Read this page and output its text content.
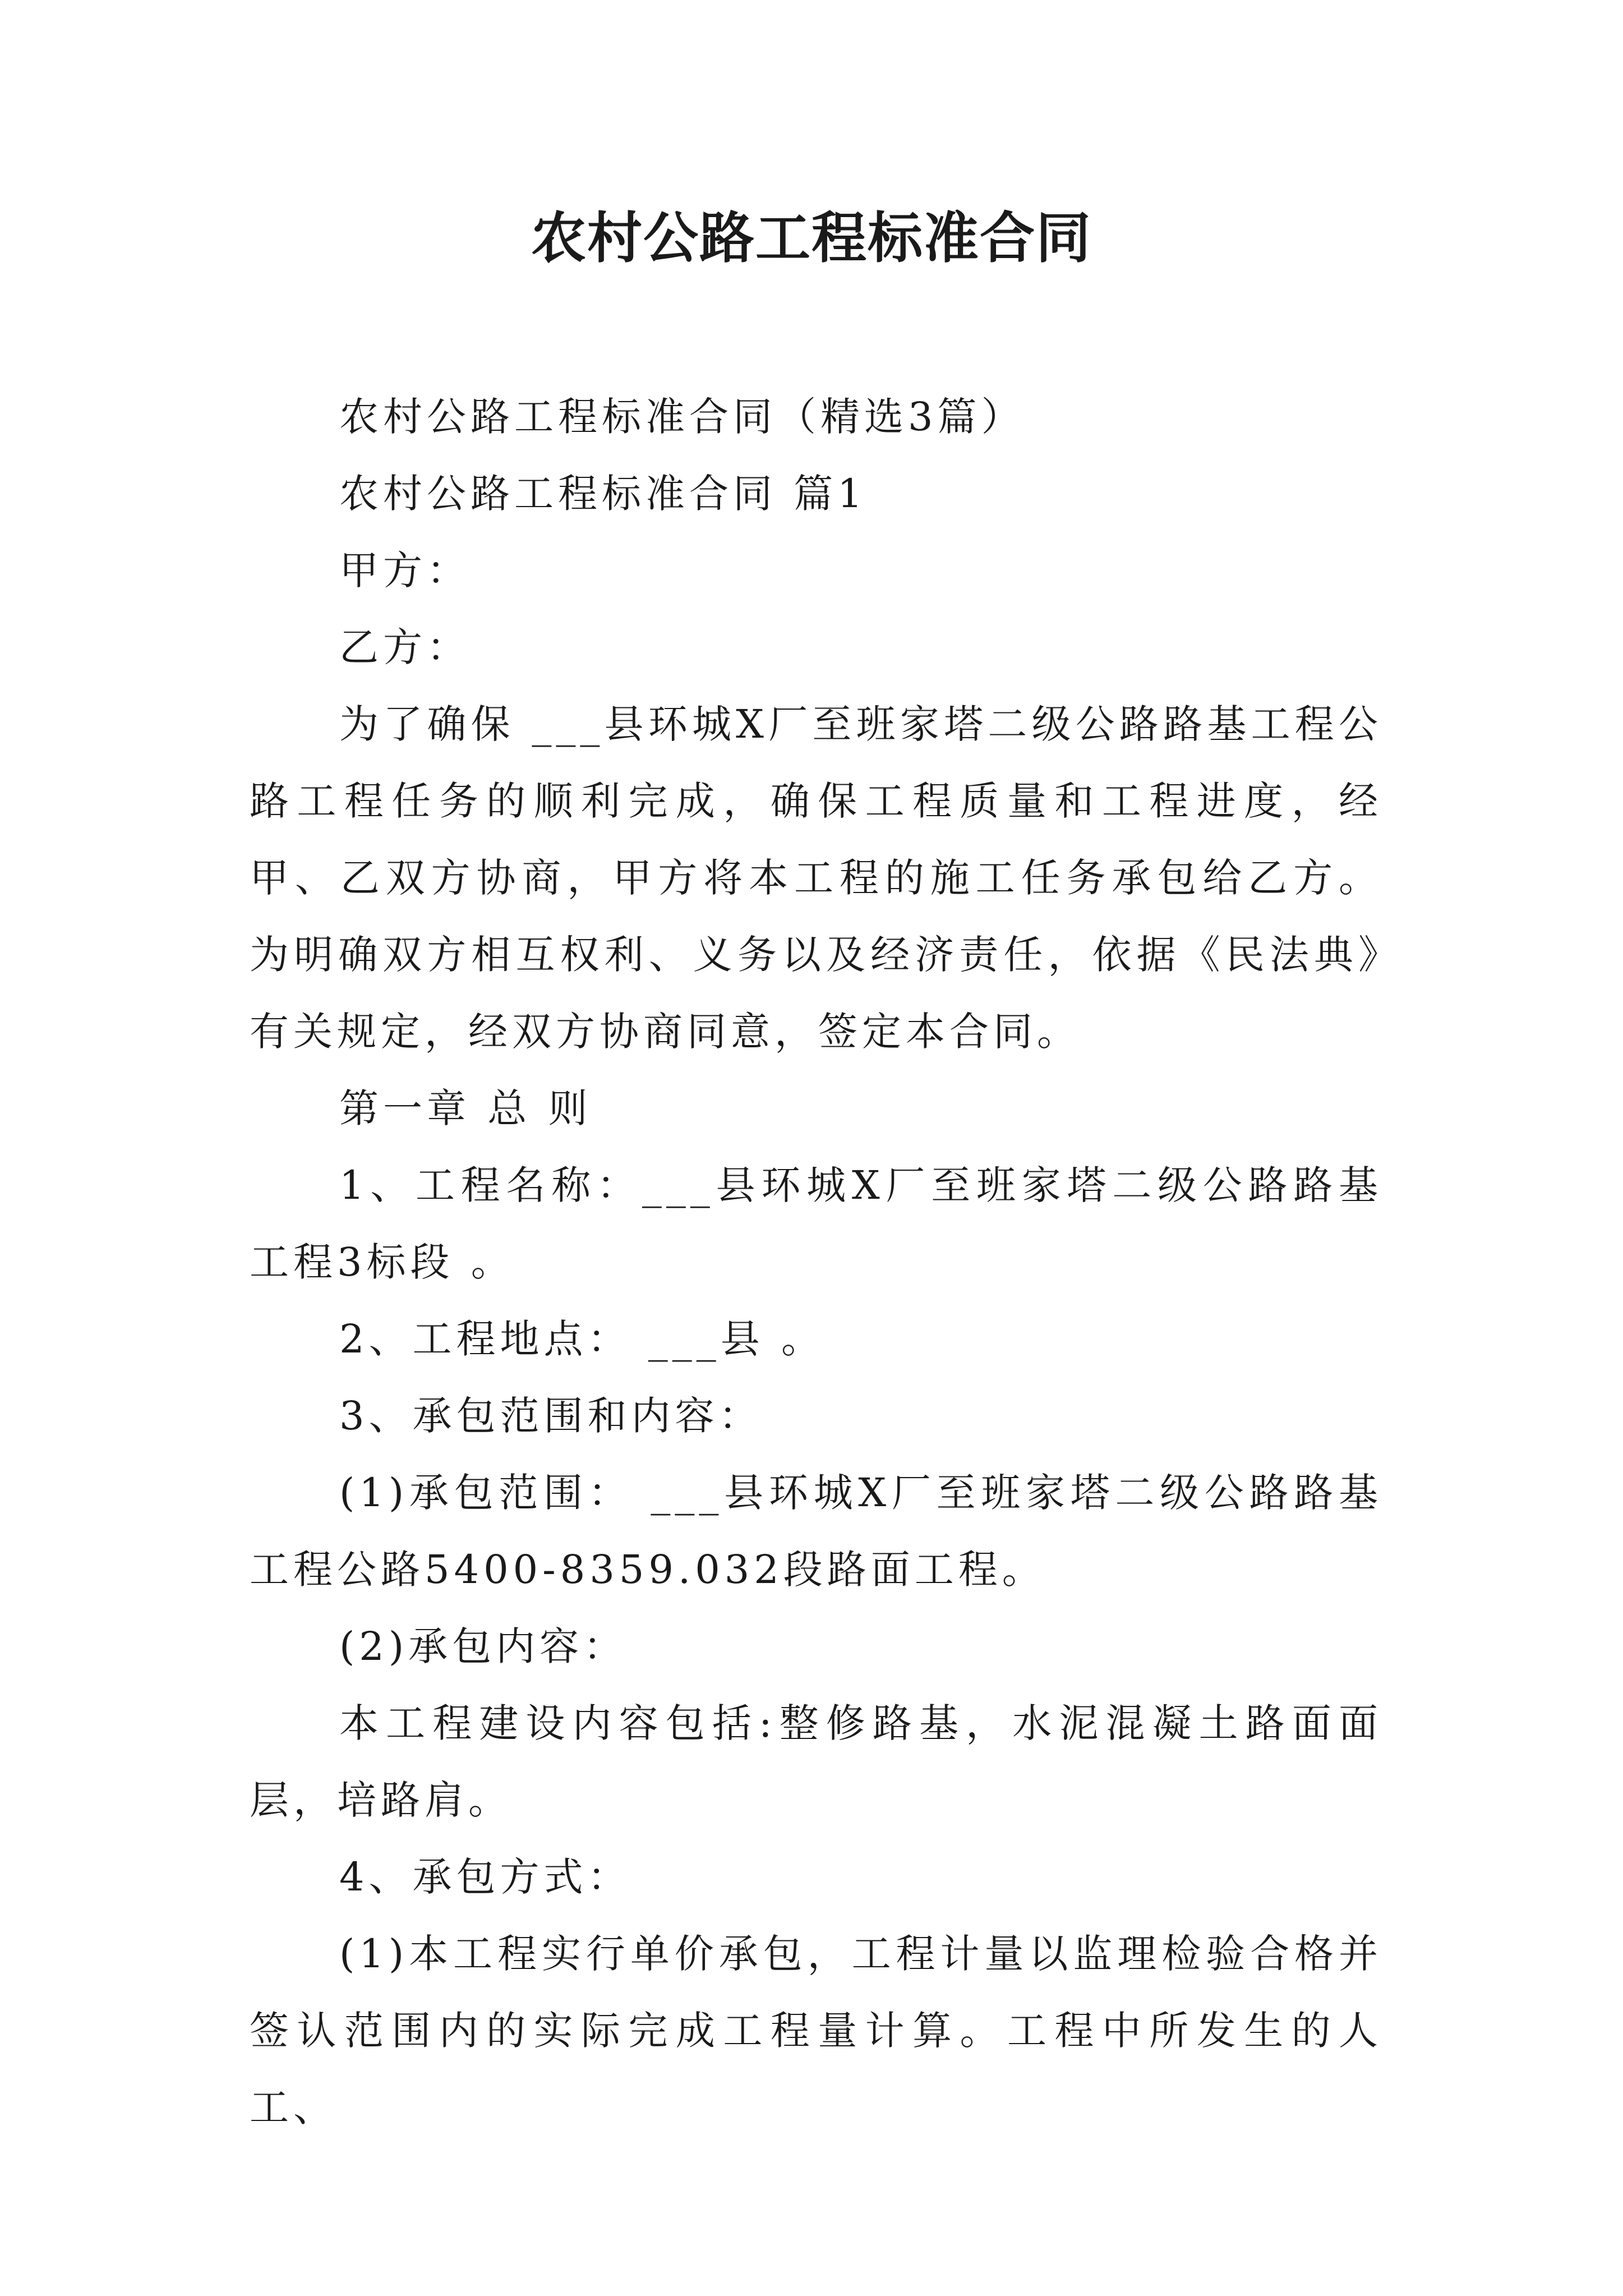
农村公路工程标准合同

农村公路工程标准合同（精选3篇）

农村公路工程标准合同 篇1

甲方：

乙方：

为了确保 ___县环城X厂至班家塔二级公路路基工程公路工程任务的顺利完成，确保工程质量和工程进度，经甲、乙双方协商，甲方将本工程的施工任务承包给乙方。为明确双方相互权利、义务以及经济责任，依据《民法典》有关规定，经双方协商同意，签定本合同。

第一章 总 则

1、工程名称：___县环城X厂至班家塔二级公路路基工程3标段 。

2、工程地点： ___县 。

3、承包范围和内容：

(1)承包范围： ___县环城X厂至班家塔二级公路路基工程公路5400-8359.032段路面工程。

(2)承包内容：

本工程建设内容包括:整修路基，水泥混凝土路面面层，培路肩。

4、承包方式：

(1)本工程实行单价承包，工程计量以监理检验合格并签认范围内的实际完成工程量计算。工程中所发生的人工、
